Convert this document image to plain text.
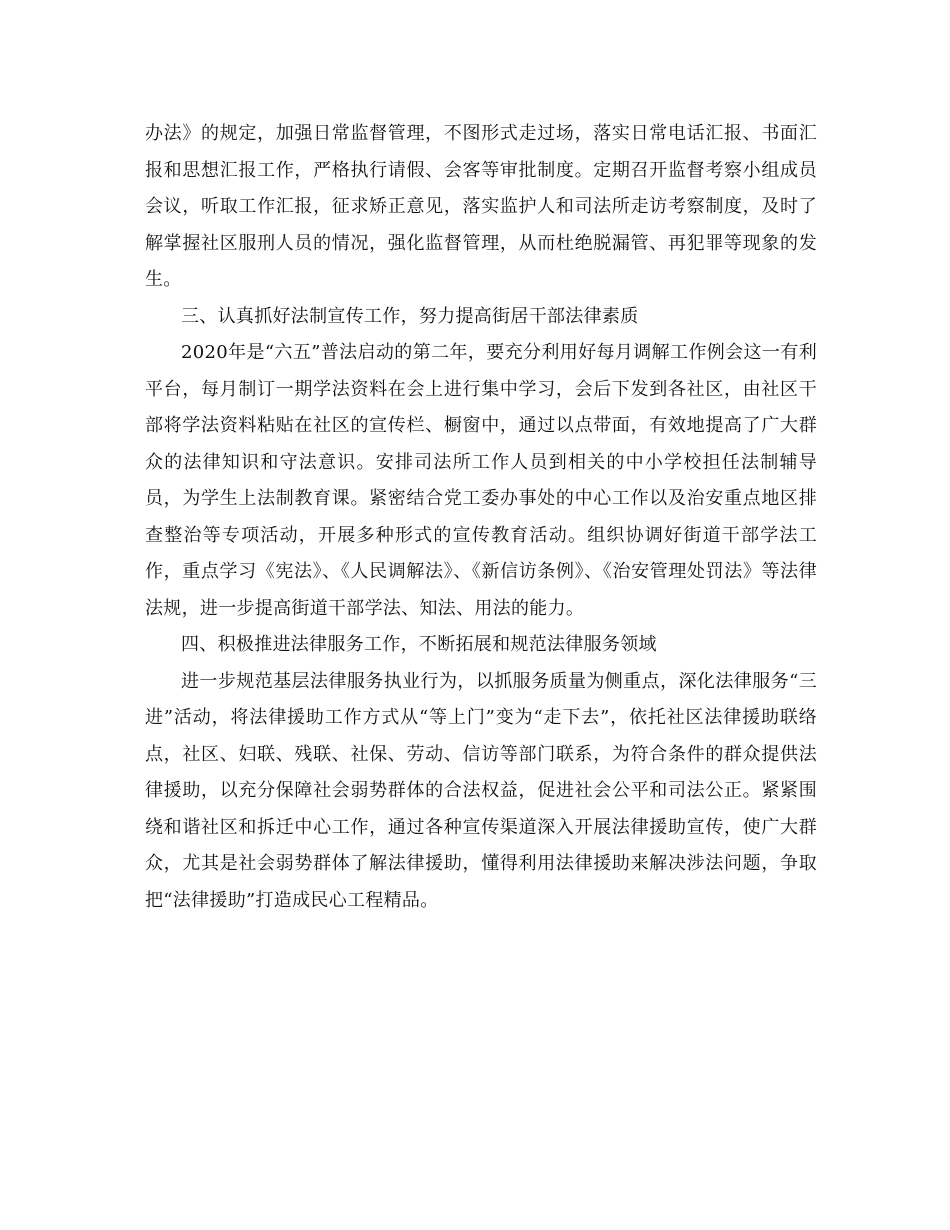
办法》的规定，加强日常监督管理，不图形式走过场，落实日常电话汇报、书面汇报和思想汇报工作，严格执行请假、会客等审批制度。定期召开监督考察小组成员会议，听取工作汇报，征求矫正意见，落实监护人和司法所走访考察制度，及时了解掌握社区服刑人员的情况，强化监督管理，从而杜绝脱漏管、再犯罪等现象的发生。

三、认真抓好法制宣传工作，努力提高街居干部法律素质

2020年是“六五”普法启动的第二年，要充分利用好每月调解工作例会这一有利平台，每月制订一期学法资料在会上进行集中学习，会后下发到各社区，由社区干部将学法资料粘贴在社区的宣传栏、橱窗中，通过以点带面，有效地提高了广大群众的法律知识和守法意识。安排司法所工作人员到相关的中小学校担任法制辅导员，为学生上法制教育课。紧密结合党工委办事处的中心工作以及治安重点地区排查整治等专项活动，开展多种形式的宣传教育活动。组织协调好街道干部学法工作，重点学习《宪法》、《人民调解法》、《新信访条例》、《治安管理处罚法》等法律法规，进一步提高街道干部学法、知法、用法的能力。

四、积极推进法律服务工作，不断拓展和规范法律服务领域

进一步规范基层法律服务执业行为，以抓服务质量为侧重点，深化法律服务“三进”活动，将法律援助工作方式从“等上门”变为“走下去”，依托社区法律援助联络点，社区、妇联、残联、社保、劳动、信访等部门联系，为符合条件的群众提供法律援助，以充分保障社会弱势群体的合法权益，促进社会公平和司法公正。紧紧围绕和谐社区和拆迁中心工作，通过各种宣传渠道深入开展法律援助宣传，使广大群众，尤其是社会弱势群体了解法律援助，懂得利用法律援助来解决涉法问题，争取把“法律援助”打造成民心工程精品。
